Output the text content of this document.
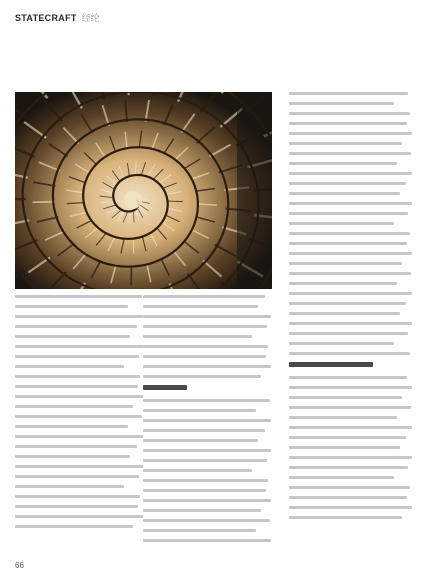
STATECRAFT 经纶
66
